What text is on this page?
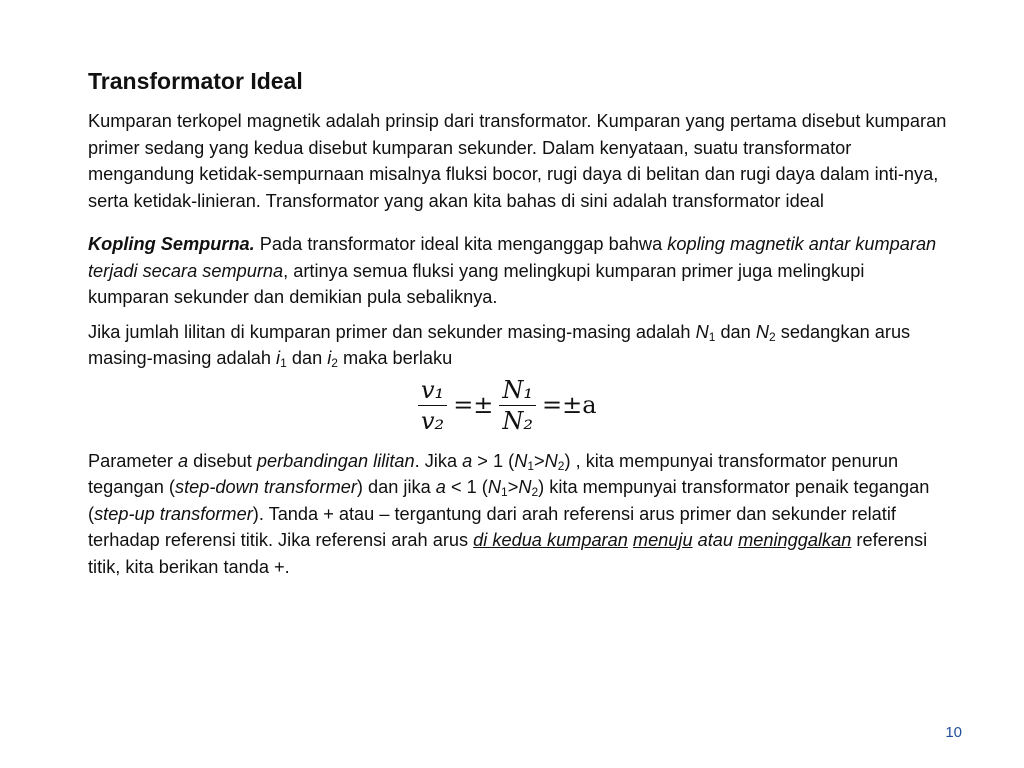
Transformator Ideal

Kumparan terkopel magnetik adalah prinsip dari transformator. Kumparan yang pertama disebut kumparan primer sedang yang kedua disebut kumparan sekunder. Dalam kenyataan, suatu transformator mengandung ketidak-sempurnaan misalnya fluksi bocor, rugi daya di belitan dan rugi daya dalam inti-nya, serta ketidak-linieran. Transformator yang akan kita bahas di sini adalah transformator ideal

Kopling Sempurna. Pada transformator ideal kita menganggap bahwa kopling magnetik antar kumparan terjadi secara sempurna, artinya semua fluksi yang melingkupi kumparan primer juga melingkupi kumparan sekunder dan demikian pula sebaliknya.

Jika jumlah lilitan di kumparan primer dan sekunder masing-masing adalah $N_1$ dan $N_2$ sedangkan arus masing-masing adalah $i_1$ dan $i_2$ maka berlaku

$\frac{\text{v₁}}{\text{v₂}} =\pm \frac{\text{N₁}}{\text{N₂}} =\pm a$

Parameter a disebut perbandingan lilitan. Jika a > 1 $(N_1>N_2)$ , kita mempunyai transformator penurun tegangan (step-down transformer) dan jika a < 1 $(N_1>N_2)$ kita mempunyai transformator penaik tegangan (step-up transformer). Tanda + atau – tergantung dari arah referensi arus primer dan sekunder relatif terhadap referensi titik. Jika referensi arah arus di kedua kumparan menuju atau meninggalkan referensi titik, kita berikan tanda +.

10
